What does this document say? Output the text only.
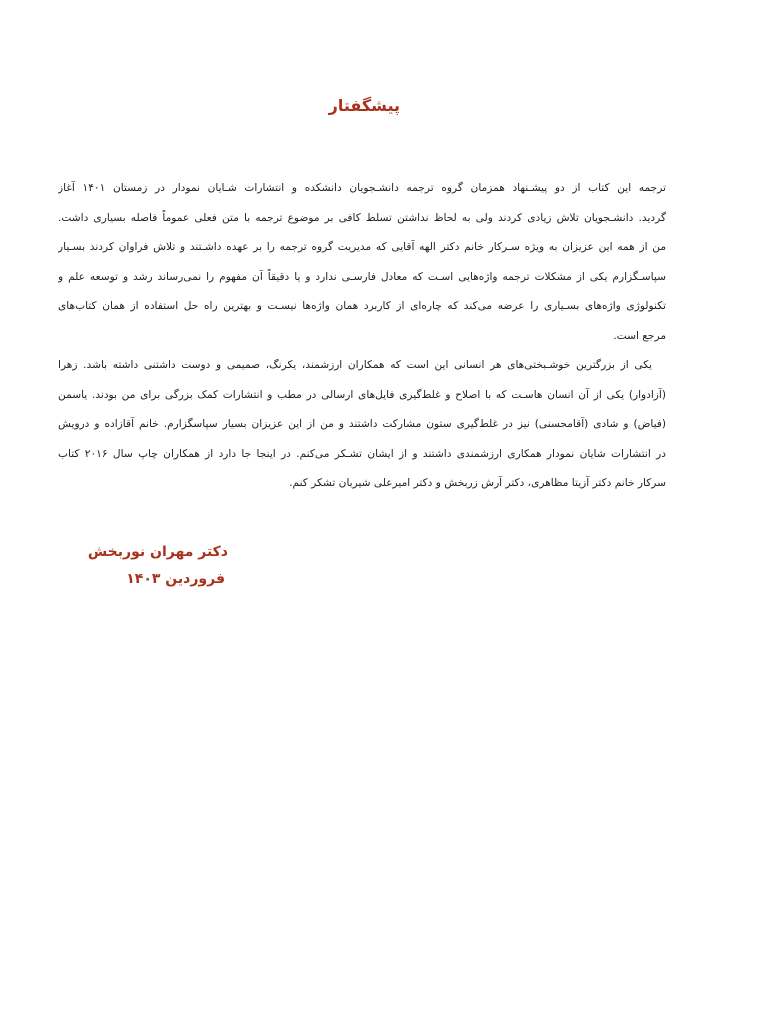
پیشگفتار
ترجمه این کتاب از دو پیشـنهاد همزمان گروه ترجمه دانشـجویان دانشکده و انتشارات شـایان نمودار در زمستان ۱۴۰۱ آغاز
گردید. دانشـجویان تلاش زیادی کردند ولی به لحاظ نداشتن تسلط کافی بر موضوع ترجمه با متن فعلی عموماً فاصله بسیاری داشت.
من از همه این عزیزان به ویژه سـرکار خانم دکتر الهه آقایی که مدیریت گروه ترجمه را بر عهده داشـتند و تلاش فراوان کردند بسـیار
سپاسـگزارم یکی از مشکلات ترجمه واژه‌هایی اسـت که معادل فارسـی ندارد و یا دقیقاً آن مفهوم را نمی‌رساند رشد و توسعه علم و
تکنولوژی واژه‌های بسـیاری را عرضه می‌کند که چاره‌ای از کاربرد همان واژه‌ها نیسـت و بهترین راه حل استفاده از همان کتاب‌های
مرجع است.
یکی از بزرگترین خوشـبختی‌های هر انسانی این است که همکاران ارزشمند، یکرنگ، صمیمی و دوست داشتنی داشته باشد. زهرا
(آزادوار) یکی از آن انسان هاسـت که با اصلاح و غلط‌گیری فایل‌های ارسالی در مطب و انتشارات کمک بزرگی برای من بودند. یاسمن
(فیاض) و شادی (آقامحسنی) نیز در غلط‌گیری ستون مشارکت داشتند و من از این عزیزان بسیار سپاسگزارم. خانم آقازاده و درویش
در انتشارات شایان نمودار همکاری ارزشمندی داشتند و از ایشان تشـکر می‌کنم. در اینجا جا دارد از همکاران چاپ سال ۲۰۱۶ کتاب
سرکار خانم دکتر آزیتا مظاهری، دکتر آرش زربخش و دکتر امیرعلی شیربان تشکر کنم.
دکتر مهران نوربخش
فروردین ۱۴۰۳
